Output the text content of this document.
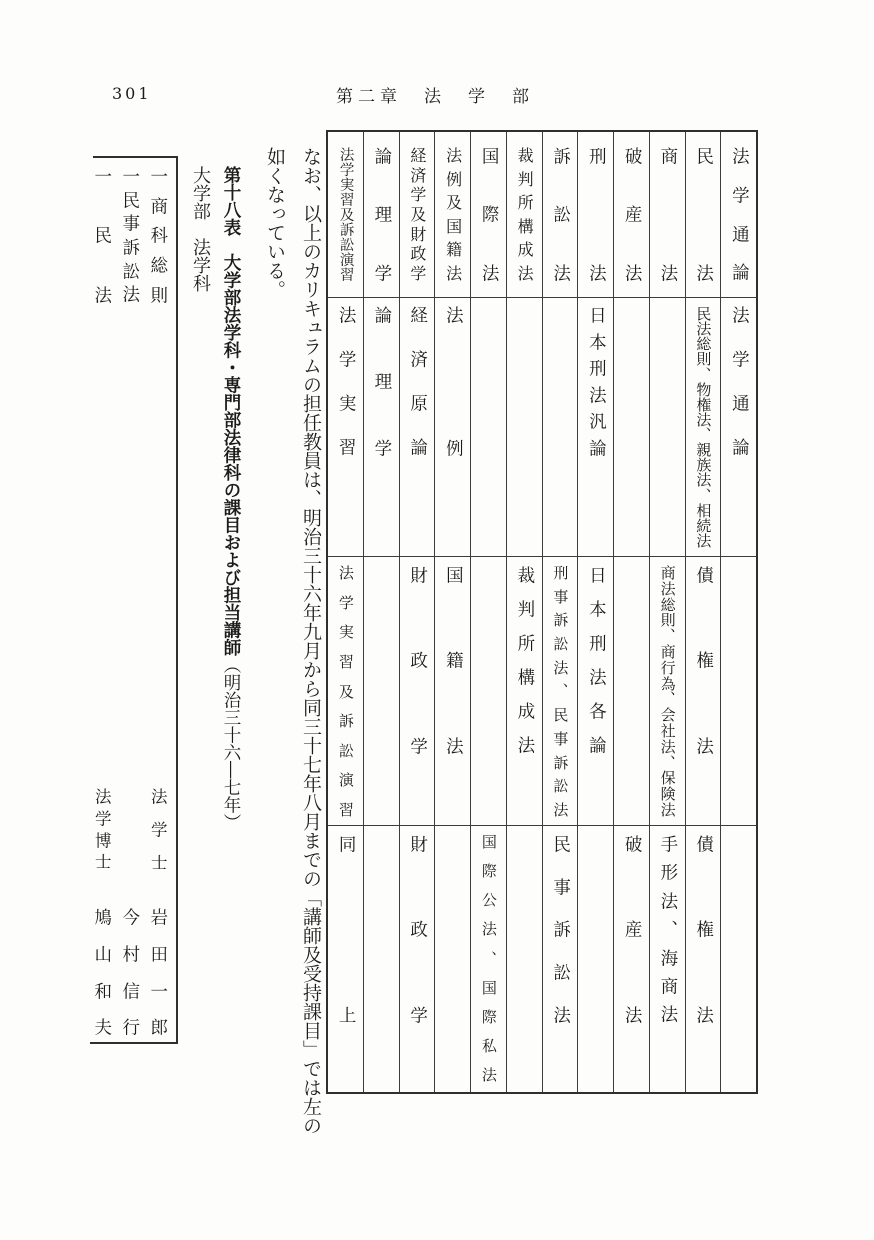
301	第二章　法　学　部
なお、以上のカリキュラムの担任教員は、明治三十六年九月から同三十七年八月までの「講師及受持課目」では左の
如くなっている。
第十八表　大学部法学科・専門部法律科の課目および担当講師（明治三十六―七年）
大学部　法学科
法
学
通
論
法
学
通
論
民
法
民
法
総
則
、
物
権
法
、
親
族
法
、
相
続
法
債
権
法
債
権
法
商
法
商
法
総
則
、
商
行
為
、
会
社
法
、
保
険
法
手
形
法
、
海
商
法
破
産
法
破
産
法
刑
法
日
本
刑
法
汎
論
日
本
刑
法
各
論
訴
訟
法
刑
事
訴
訟
法
、
民
事
訴
訟
法
民
事
訴
訟
法
裁
判
所
構
成
法
裁
判
所
構
成
法
国
際
法
国
際
公
法
、
国
際
私
法
法
例
及
国
籍
法
法
例
国
籍
法
経
済
学
及
財
政
学
経
済
原
論
財
政
学
財
政
学
論
理
学
論
理
学
法
学
実
習
及
訴
訟
演
習
法
学
実
習
法
学
実
習
及
訴
訟
演
習
同
上
一
商
科
総
則
一
民
事
訴
訟
法
一
民
法
法
学
士
法
学
博
士
岩
田
一
郎
今
村
信
行
鳩
山
和
夫
